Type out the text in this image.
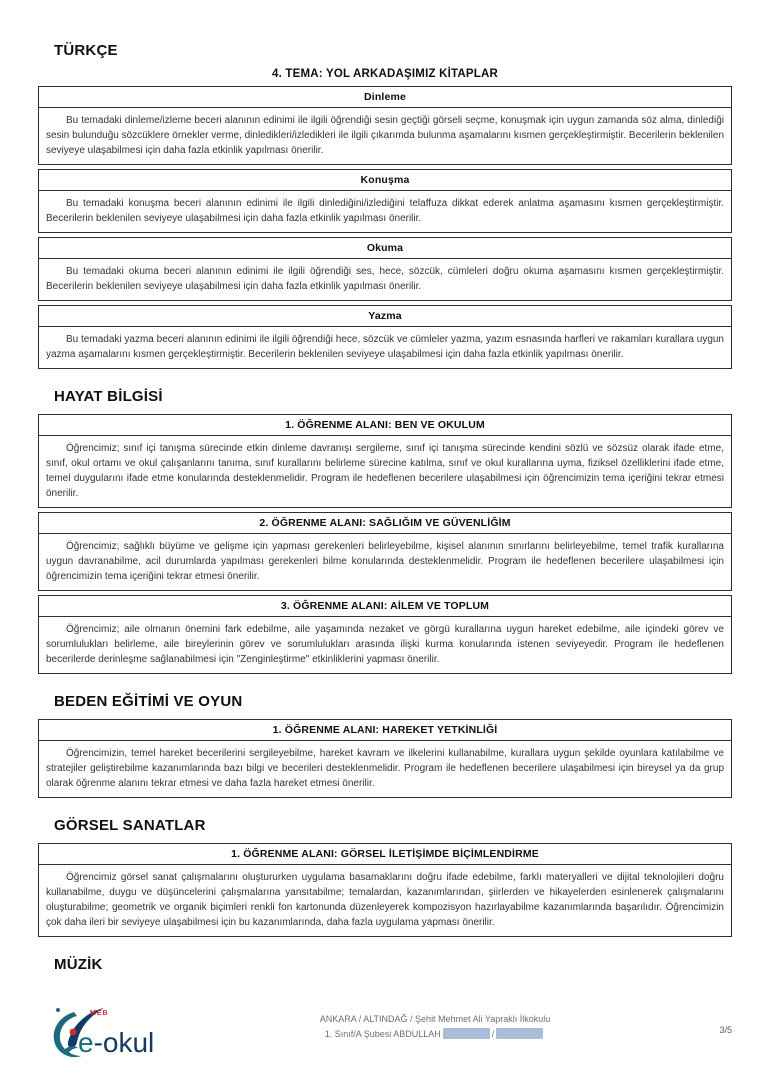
TÜRKÇE
4. TEMA: YOL ARKADAŞIMIZ KİTAPLAR
Dinleme
Bu temadaki dinleme/izleme beceri alanının edinimi ile ilgili öğrendiği sesin geçtiği görseli seçme, konuşmak için uygun zamanda söz alma, dinlediği sesin bulunduğu sözcüklere örnekler verme, dinledikleri/izledikleri ile ilgili çıkarımda bulunma aşamalarını kısmen gerçekleştirmiştir. Becerilerin beklenilen seviyeye ulaşabilmesi için daha fazla etkinlik yapılması önerilir.
Konuşma
Bu temadaki konuşma beceri alanının edinimi ile ilgili dinlediğini/izlediğini telaffuza dikkat ederek anlatma aşamasını kısmen gerçekleştirmiştir. Becerilerin beklenilen seviyeye ulaşabilmesi için daha fazla etkinlik yapılması önerilir.
Okuma
Bu temadaki okuma beceri alanının edinimi ile ilgili öğrendiği ses, hece, sözcük, cümleleri doğru okuma aşamasını kısmen gerçekleştirmiştir. Becerilerin beklenilen seviyeye ulaşabilmesi için daha fazla etkinlik yapılması önerilir.
Yazma
Bu temadaki yazma beceri alanının edinimi ile ilgili öğrendiği hece, sözcük ve cümleler yazma, yazım esnasında harfleri ve rakamları kurallara uygun yazma aşamalarını kısmen gerçekleştirmiştir. Becerilerin beklenilen seviyeye ulaşabilmesi için daha fazla etkinlik yapılması önerilir.
HAYAT BİLGİSİ
1. ÖĞRENME ALANI: BEN VE OKULUM
Öğrencimiz; sınıf içi tanışma sürecinde etkin dinleme davranışı sergileme, sınıf içi tanışma sürecinde kendini sözlü ve sözsüz olarak ifade etme, sınıf, okul ortamı ve okul çalışanlarını tanıma, sınıf kurallarını belirleme sürecine katılma, sınıf ve okul kurallarına uyma, fiziksel özelliklerini ifade etme, temel duygularını ifade etme konularında desteklenmelidir. Program ile hedeflenen becerilere ulaşabilmesi için öğrencimizin tema içeriğini tekrar etmesi önerilir.
2. ÖĞRENME ALANI: SAĞLIĞIM VE GÜVENLİĞİM
Öğrencimiz; sağlıklı büyüme ve gelişme için yapması gerekenleri belirleyebilme, kişisel alanının sınırlarını belirleyebilme, temel trafik kurallarına uygun davranabilme, acil durumlarda yapılması gerekenleri bilme konularında desteklenmelidir. Program ile hedeflenen becerilere ulaşabilmesi için öğrencimizin tema içeriğini tekrar etmesi önerilir.
3. ÖĞRENME ALANI: AİLEM VE TOPLUM
Öğrencimiz; aile olmanın önemini fark edebilme, aile yaşamında nezaket ve görgü kurallarına uygun hareket edebilme, aile içindeki görev ve sorumlulukları belirleme, aile bireylerinin görev ve sorumlulukları arasında ilişki kurma konularında istenen seviyeyedir. Program ile hedeflenen becerilerde derinleşme sağlanabilmesi için "Zenginleştirme" etkinliklerini yapması önerilir.
BEDEN EĞİTİMİ VE OYUN
1. ÖĞRENME ALANI: HAREKET YETKİNLİĞİ
Öğrencimizin, temel hareket becerilerini sergileyebilme, hareket kavram ve ilkelerini kullanabilme, kurallara uygun şekilde oyunlara katılabilme ve stratejiler geliştirebilme kazanımlarında bazı bilgi ve becerileri desteklenmelidir. Program ile hedeflenen becerilere ulaşabilmesi için bireysel ya da grup olarak öğrenme alanını tekrar etmesi ve daha fazla hareket etmesi önerilir.
GÖRSEL SANATLAR
1. ÖĞRENME ALANI: GÖRSEL İLETİŞİMDE BİÇİMLENDİRME
Öğrencimiz görsel sanat çalışmalarını oluştururken uygulama basamaklarını doğru ifade edebilme, farklı materyalleri ve dijital teknolojileri doğru kullanabilme, duygu ve düşüncelerini çalışmalarına yansıtabilme; temalardan, kazanımlarından, şiirlerden ve hikayelerden esinlenerek çalışmalarını oluşturabilme; geometrik ve organik biçimleri renkli fon kartonunda düzenleyerek kompozisyon hazırlayabilme kazanımlarında başarılıdır. Öğrencimizin çok daha ileri bir seviyeye ulaşabilmesi için bu kazanımlarında, daha fazla uygulama yapması önerilir.
MÜZİK
MEB
e-okul
ANKARA / ALTINDAĞ / Şehit Mehmet Ali Yapraklı İlkokulu
1. Sınıf/A Şubesi ABDULLAH	/	3/5
